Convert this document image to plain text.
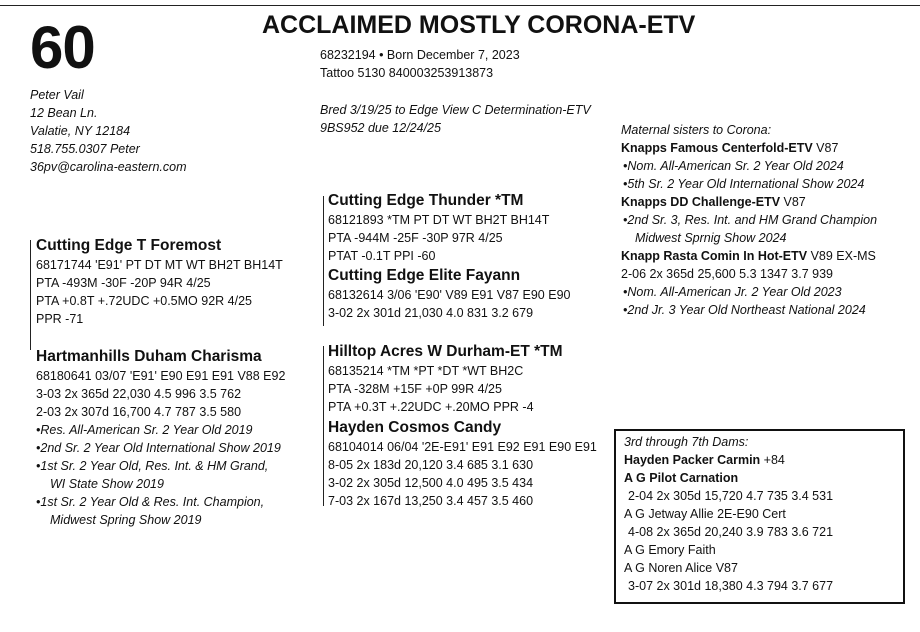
60	ACCLAIMED MOSTLY CORONA-ETV
68232194 • Born December 7, 2023
Tattoo 5130 840003253913873
Peter Vail
12 Bean Ln.
Valatie, NY 12184
518.755.0307 Peter
36pv@carolina-eastern.com
Bred 3/19/25 to Edge View C Determination-ETV
9BS952 due 12/24/25
Cutting Edge T Foremost
68171744 'E91' PT DT MT WT BH2T BH14T
PTA -493M -30F -20P 94R 4/25
PTA +0.8T +.72UDC +0.5MO 92R 4/25
PPR -71
Hartmanhills Duham Charisma
68180641 03/07 'E91' E90 E91 E91 V88 E92
3-03 2x 365d 22,030 4.5 996 3.5 762
2-03 2x 307d 16,700 4.7 787 3.5 580
•Res. All-American Sr. 2 Year Old 2019
•2nd Sr. 2 Year Old International Show 2019
•1st Sr. 2 Year Old, Res. Int. & HM Grand,
WI State Show 2019
•1st Sr. 2 Year Old & Res. Int. Champion,
Midwest Spring Show 2019
Cutting Edge Thunder *TM
68121893 *TM PT DT WT BH2T BH14T
PTA -944M -25F -30P 97R 4/25
PTAT -0.1T PPI -60
Cutting Edge Elite Fayann
68132614 3/06 'E90' V89 E91 V87 E90 E90
3-02 2x 301d 21,030 4.0 831 3.2 679
Hilltop Acres W Durham-ET *TM
68135214 *TM *PT *DT *WT BH2C
PTA -328M +15F +0P 99R 4/25
PTA +0.3T +.22UDC +.20MO PPR -4
Hayden Cosmos Candy
68104014 06/04 '2E-E91' E91 E92 E91 E90 E91
8-05 2x 183d 20,120 3.4 685 3.1 630
3-02 2x 305d 12,500 4.0 495 3.5 434
7-03 2x 167d 13,250 3.4 457 3.5 460
Maternal sisters to Corona:
Knapps Famous Centerfold-ETV V87
•Nom. All-American Sr. 2 Year Old 2024
•5th Sr. 2 Year Old International Show 2024
Knapps DD Challenge-ETV V87
•2nd Sr. 3, Res. Int. and HM Grand Champion
Midwest Sprnig Show 2024
Knapp Rasta Comin In Hot-ETV V89 EX-MS
2-06 2x 365d 25,600 5.3 1347 3.7 939
•Nom. All-American Jr. 2 Year Old 2023
•2nd Jr. 3 Year Old Northeast National 2024
3rd through 7th Dams:
Hayden Packer Carmin +84
A G Pilot Carnation
2-04 2x 305d 15,720 4.7 735 3.4 531
A G Jetway Allie 2E-E90 Cert
4-08 2x 365d 20,240 3.9 783 3.6 721
A G Emory Faith
A G Noren Alice V87
3-07 2x 301d 18,380 4.3 794 3.7 677
